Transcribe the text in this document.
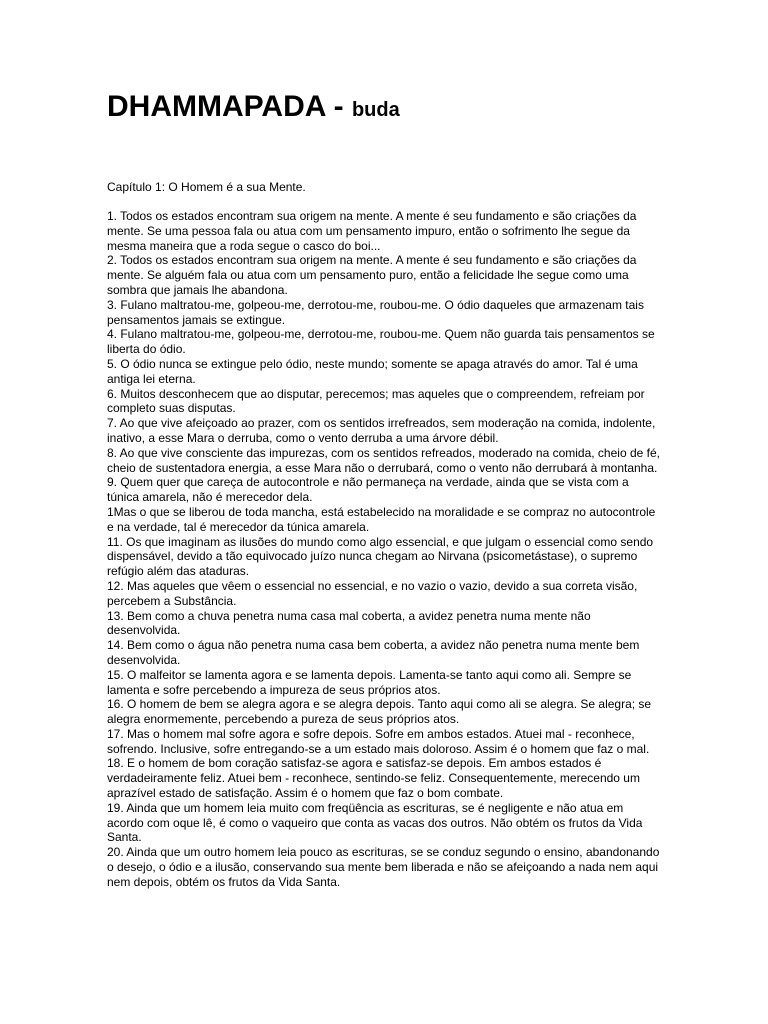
DHAMMAPADA - buda
Capítulo 1: O Homem é a sua Mente.

1. Todos os estados encontram sua origem na mente. A mente é seu fundamento e são criações da mente. Se uma pessoa fala ou atua com um pensamento impuro, então o sofrimento lhe segue da mesma maneira que a roda segue o casco do boi...

2. Todos os estados encontram sua origem na mente. A mente é seu fundamento e são criações da mente. Se alguém fala ou atua com um pensamento puro, então a felicidade lhe segue como uma sombra que jamais lhe abandona.

3. Fulano maltratou-me, golpeou-me, derrotou-me, roubou-me. O ódio daqueles que armazenam tais pensamentos jamais se extingue.

4. Fulano maltratou-me, golpeou-me, derrotou-me, roubou-me. Quem não guarda tais pensamentos se liberta do ódio.

5. O ódio nunca se extingue pelo ódio, neste mundo; somente se apaga através do amor. Tal é uma antiga lei eterna.

6. Muitos desconhecem que ao disputar, perecemos; mas aqueles que o compreendem, refreiam por completo suas disputas.

7. Ao que vive afeiçoado ao prazer, com os sentidos irrefreados, sem moderação na comida, indolente, inativo, a esse Mara o derruba, como o vento derruba a uma árvore débil.

8. Ao que vive consciente das impurezas, com os sentidos refreados, moderado na comida, cheio de fé, cheio de sustentadora energia, a esse Mara não o derrubará, como o vento não derrubará à montanha.

9. Quem quer que careça de autocontrole e não permaneça na verdade, ainda que se vista com a túnica amarela, não é merecedor dela.

1Mas o que se liberou de toda mancha, está estabelecido na moralidade e se compraz no autocontrole e na verdade, tal é merecedor da túnica amarela.

11. Os que imaginam as ilusões do mundo como algo essencial, e que julgam o essencial como sendo dispensável, devido a tão equivocado juízo nunca chegam ao Nirvana (psicometástase), o supremo refúgio além das ataduras.

12. Mas aqueles que vêem o essencial no essencial, e no vazio o vazio, devido a sua correta visão, percebem a Substância.

13. Bem como a chuva penetra numa casa mal coberta, a avidez penetra numa mente não desenvolvida.

14. Bem como o água não penetra numa casa bem coberta, a avidez não penetra numa mente bem desenvolvida.

15. O malfeitor se lamenta agora e se lamenta depois. Lamenta-se tanto aqui como ali. Sempre se lamenta e sofre percebendo a impureza de seus próprios atos.

16. O homem de bem se alegra agora e se alegra depois. Tanto aqui como ali se alegra. Se alegra; se alegra enormemente, percebendo a pureza de seus próprios atos.

17. Mas o homem mal sofre agora e sofre depois. Sofre em ambos estados. Atuei mal - reconhece, sofrendo. Inclusive, sofre entregando-se a um estado mais doloroso. Assim é o homem que faz o mal.

18. E o homem de bom coração satisfaz-se agora e satisfaz-se depois. Em ambos estados é verdadeiramente feliz. Atuei bem - reconhece, sentindo-se feliz. Consequentemente, merecendo um aprazível estado de satisfação. Assim é o homem que faz o bom combate.

19. Ainda que um homem leia muito com freqüência as escrituras, se é negligente e não atua em acordo com oque lê, é como o vaqueiro que conta as vacas dos outros. Não obtém os frutos da Vida Santa.

20. Ainda que um outro homem leia pouco as escrituras, se se conduz segundo o ensino, abandonando o desejo, o ódio e a ilusão, conservando sua mente bem liberada e não se afeiçoando a nada nem aqui nem depois, obtém os frutos da Vida Santa.
